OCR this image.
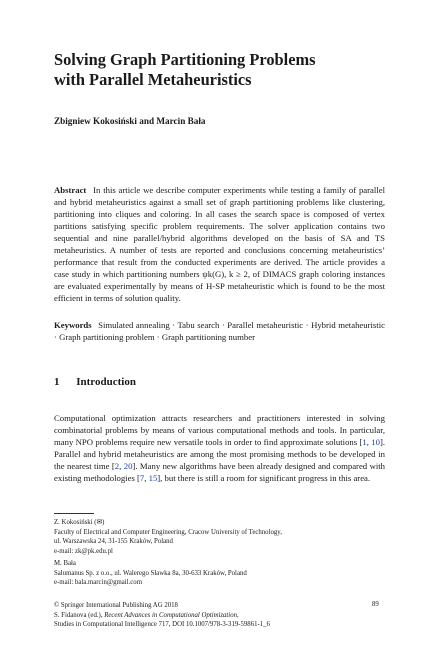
Solving Graph Partitioning Problems
with Parallel Metaheuristics
Zbigniew Kokosiński and Marcin Bała
Abstract In this article we describe computer experiments while testing a family of parallel and hybrid metaheuristics against a small set of graph partitioning problems like clustering, partitioning into cliques and coloring. In all cases the search space is composed of vertex partitions satisfying specific problem requirements. The solver application contains two sequential and nine parallel/hybrid algorithms developed on the basis of SA and TS metaheuristics. A number of tests are reported and conclusions concerning metaheuristics’ performance that result from the conducted experiments are derived. The article provides a case study in which partitioning numbers ψk(G), k ≥ 2, of DIMACS graph coloring instances are evaluated experimentally by means of H-SP metaheuristic which is found to be the most efficient in terms of solution quality.
Keywords Simulated annealing · Tabu search · Parallel metaheuristic · Hybrid metaheuristic · Graph partitioning problem · Graph partitioning number
1 Introduction
Computational optimization attracts researchers and practitioners interested in solving combinatorial problems by means of various computational methods and tools. In particular, many NPO problems require new versatile tools in order to find approximate solutions [1, 10]. Parallel and hybrid metaheuristics are among the most promising methods to be developed in the nearest time [2, 20]. Many new algorithms have been already designed and compared with existing methodologies [7, 15], but there is still a room for significant progress in this area.
Z. Kokosiński (✉)
Faculty of Electrical and Computer Engineering, Cracow University of Technology,
ul. Warszawska 24, 31-155 Kraków, Poland
e-mail: zk@pk.edu.pl
M. Bała
Salumanus Sp. z o.o., ul. Walerego Sławka 8a, 30-633 Kraków, Poland
e-mail: bala.marcin@gmail.com
© Springer International Publishing AG 2018
S. Fidanova (ed.), Recent Advances in Computational Optimization,
Studies in Computational Intelligence 717, DOI 10.1007/978-3-319-59861-1_6
89
